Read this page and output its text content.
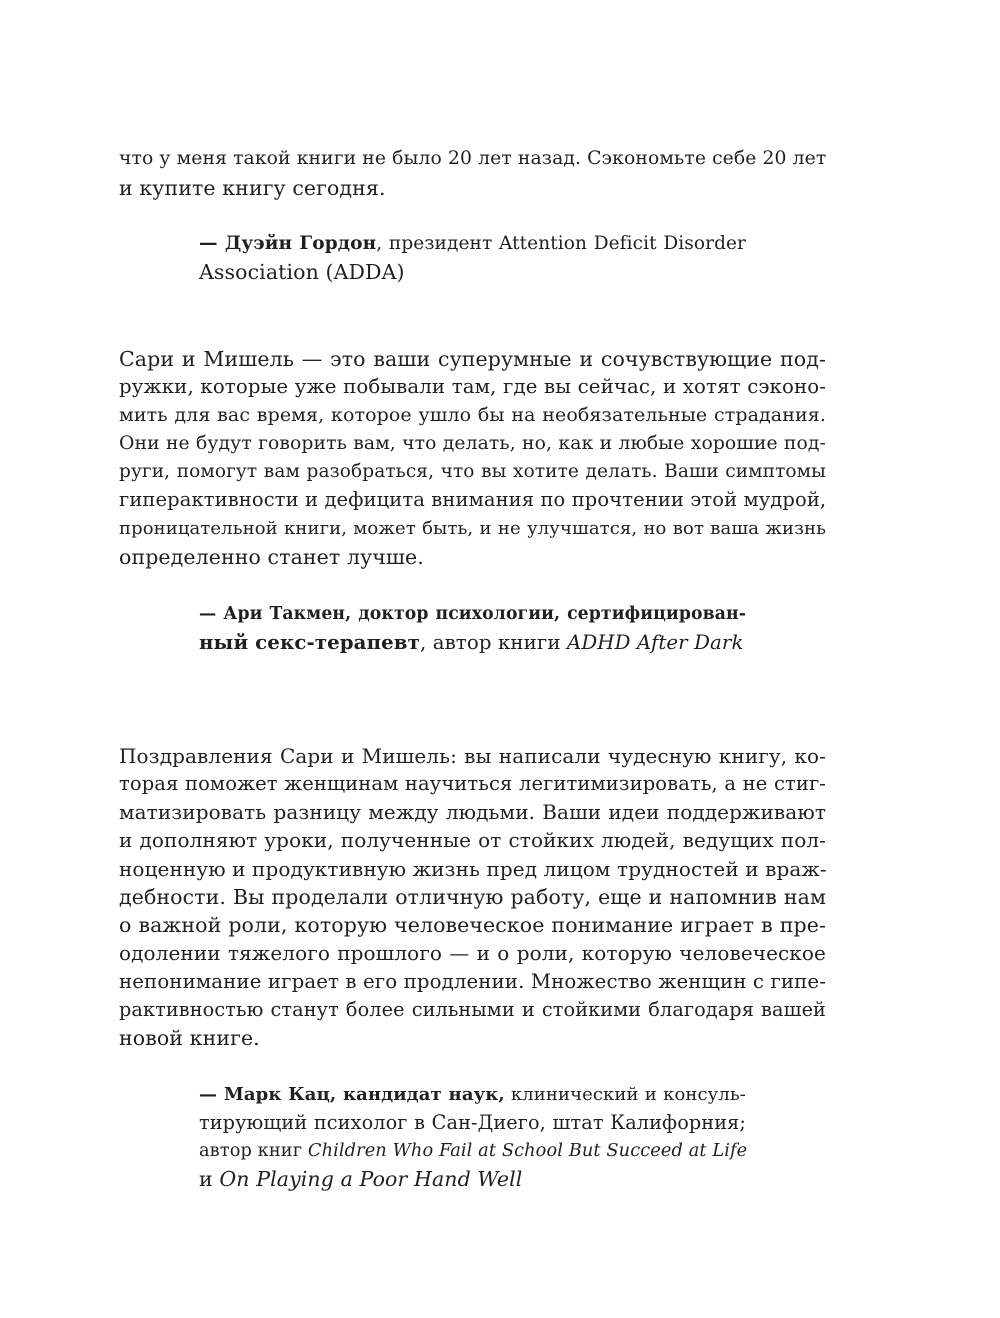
что у меня такой книги не было 20 лет назад. Сэкономьте себе 20 лет
и купите книгу сегодня.
— Дуэйн Гордон, президент Attention Deficit Disorder
Association (ADDA)
Сари и Мишель — это ваши суперумные и сочувствующие под-
ружки, которые уже побывали там, где вы сейчас, и хотят сэконо-
мить для вас время, которое ушло бы на необязательные страдания.
Они не будут говорить вам, что делать, но, как и любые хорошие под-
руги, помогут вам разобраться, что вы хотите делать. Ваши симптомы
гиперактивности и дефицита внимания по прочтении этой мудрой,
проницательной книги, может быть, и не улучшатся, но вот ваша жизнь
определенно станет лучше.
— Ари Такмен, доктор психологии, сертифицирован-
ный секс-терапевт, автор книги ADHD After Dark
Поздравления Сари и Мишель: вы написали чудесную книгу, ко-
торая поможет женщинам научиться легитимизировать, а не стиг-
матизировать разницу между людьми. Ваши идеи поддерживают
и дополняют уроки, полученные от стойких людей, ведущих пол-
ноценную и продуктивную жизнь пред лицом трудностей и враж-
дебности. Вы проделали отличную работу, еще и напомнив нам
о важной роли, которую человеческое понимание играет в пре-
одолении тяжелого прошлого — и о роли, которую человеческое
непонимание играет в его продлении. Множество женщин с гипе-
рактивностью станут более сильными и стойкими благодаря вашей
новой книге.
— Марк Кац, кандидат наук, клинический и консуль-
тирующий психолог в Сан-Диего, штат Калифорния;
автор книг Children Who Fail at School But Succeed at Life
и On Playing a Poor Hand Well
